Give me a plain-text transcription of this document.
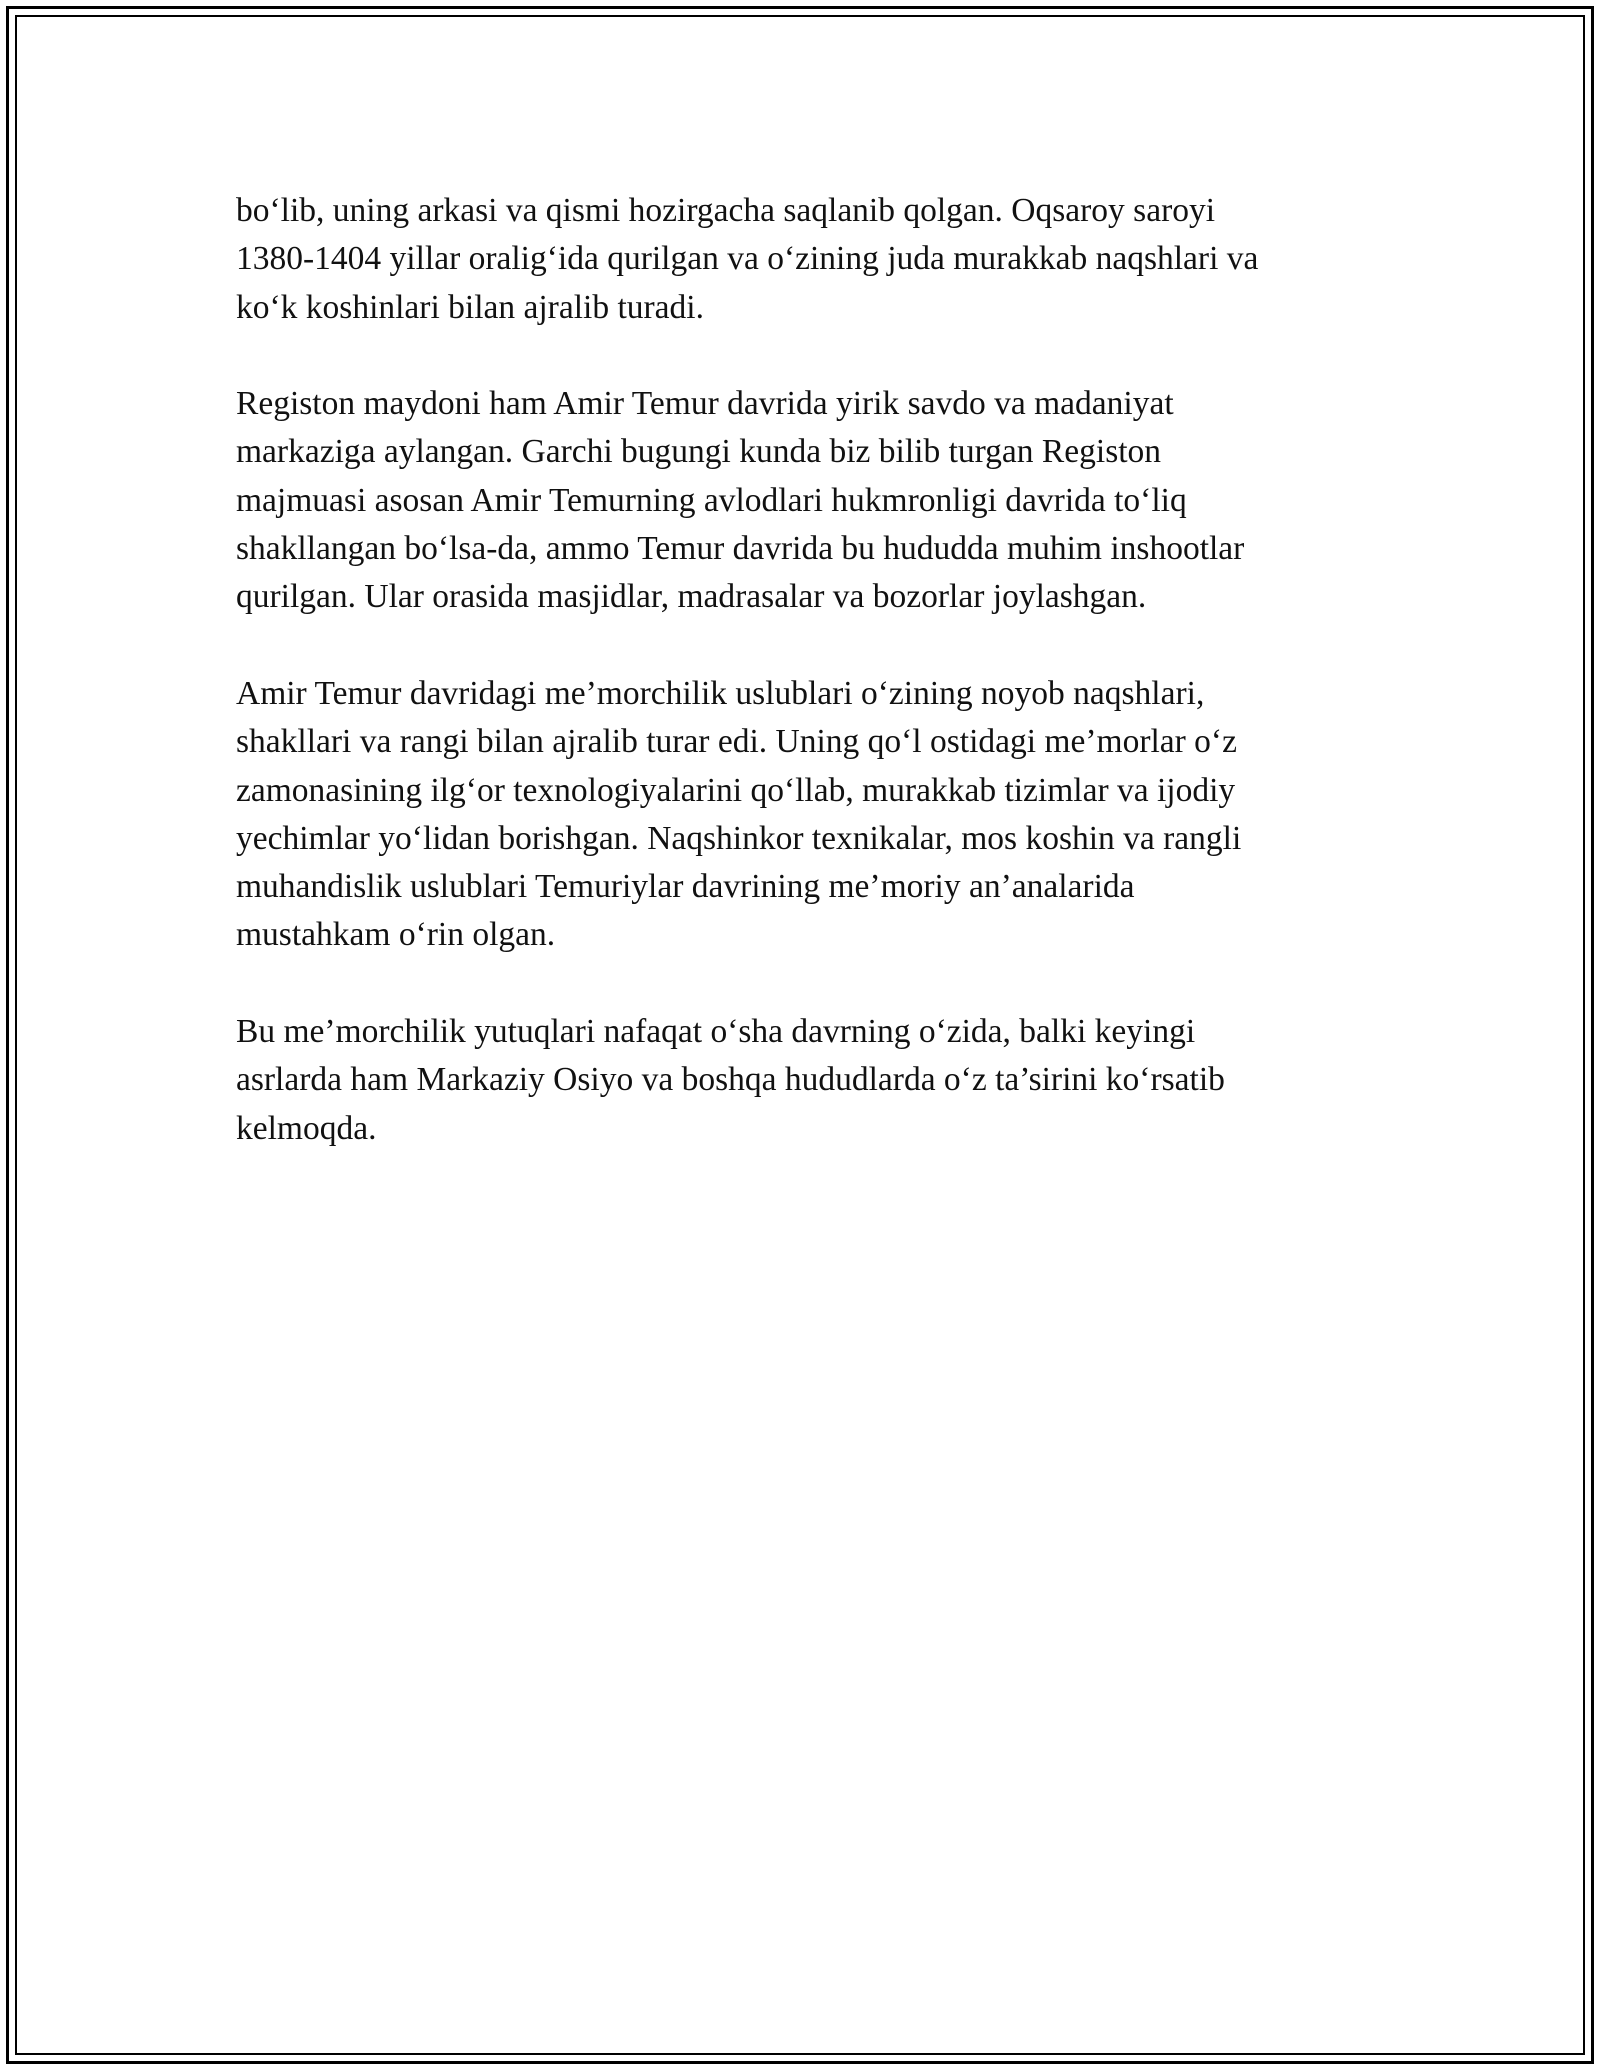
bo‘lib, uning arkasi va qismi hozirgacha saqlanib qolgan. Oqsaroy saroyi
1380-1404 yillar oralig‘ida qurilgan va o‘zining juda murakkab naqshlari va
ko‘k koshinlari bilan ajralib turadi.

Registon maydoni ham Amir Temur davrida yirik savdo va madaniyat
markaziga aylangan. Garchi bugungi kunda biz bilib turgan Registon
majmuasi asosan Amir Temurning avlodlari hukmronligi davrida to‘liq
shakllangan bo‘lsa-da, ammo Temur davrida bu hududda muhim inshootlar
qurilgan. Ular orasida masjidlar, madrasalar va bozorlar joylashgan.

Amir Temur davridagi me’morchilik uslublari o‘zining noyob naqshlari,
shakllari va rangi bilan ajralib turar edi. Uning qo‘l ostidagi me’morlar o‘z
zamonasining ilg‘or texnologiyalarini qo‘llab, murakkab tizimlar va ijodiy
yechimlar yo‘lidan borishgan. Naqshinkor texnikalar, mos koshin va rangli
muhandislik uslublari Temuriylar davrining me’moriy an’analarida
mustahkam o‘rin olgan.

Bu me’morchilik yutuqlari nafaqat o‘sha davrning o‘zida, balki keyingi
asrlarda ham Markaziy Osiyo va boshqa hududlarda o‘z ta’sirini ko‘rsatib
kelmoqda.
